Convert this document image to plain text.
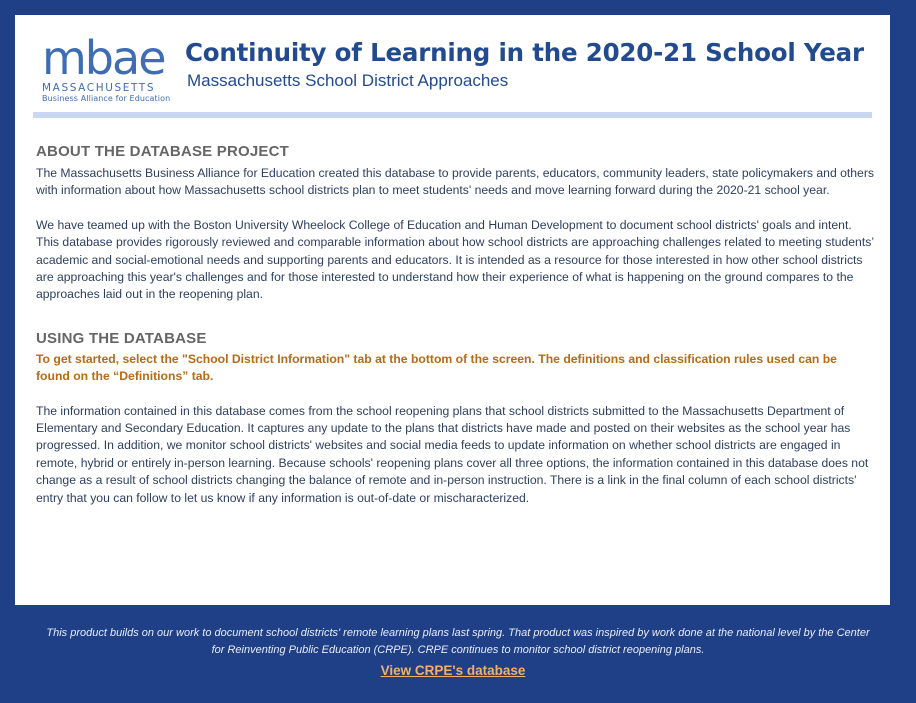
mbae
MASSACHUSETTS
Business Alliance for Education
Continuity of Learning in the 2020-21 School Year
Massachusetts School District Approaches
ABOUT THE DATABASE PROJECT

The Massachusetts Business Alliance for Education created this database to provide parents, educators, community leaders, state policymakers and others with information about how Massachusetts school districts plan to meet students' needs and move learning forward during the 2020-21 school year.

We have teamed up with the Boston University Wheelock College of Education and Human Development to document school districts' goals and intent. This database provides rigorously reviewed and comparable information about how school districts are approaching challenges related to meeting students’ academic and social-emotional needs and supporting parents and educators. It is intended as a resource for those interested in how other school districts are approaching this year's challenges and for those interested to understand how their experience of what is happening on the ground compares to the approaches laid out in the reopening plan.

USING THE DATABASE

To get started, select the "School District Information" tab at the bottom of the screen. The definitions and classification rules used can be found on the “Definitions” tab.

The information contained in this database comes from the school reopening plans that school districts submitted to the Massachusetts Department of Elementary and Secondary Education. It captures any update to the plans that districts have made and posted on their websites as the school year has progressed. In addition, we monitor school districts' websites and social media feeds to update information on whether school districts are engaged in remote, hybrid or entirely in-person learning. Because schools' reopening plans cover all three options, the information contained in this database does not change as a result of school districts changing the balance of remote and in-person instruction. There is a link in the final column of each school districts' entry that you can follow to let us know if any information is out-of-date or mischaracterized.

This product builds on our work to document school districts' remote learning plans last spring. That product was inspired by work done at the national level by the Center for Reinventing Public Education (CRPE). CRPE continues to monitor school district reopening plans.

View CRPE's database
